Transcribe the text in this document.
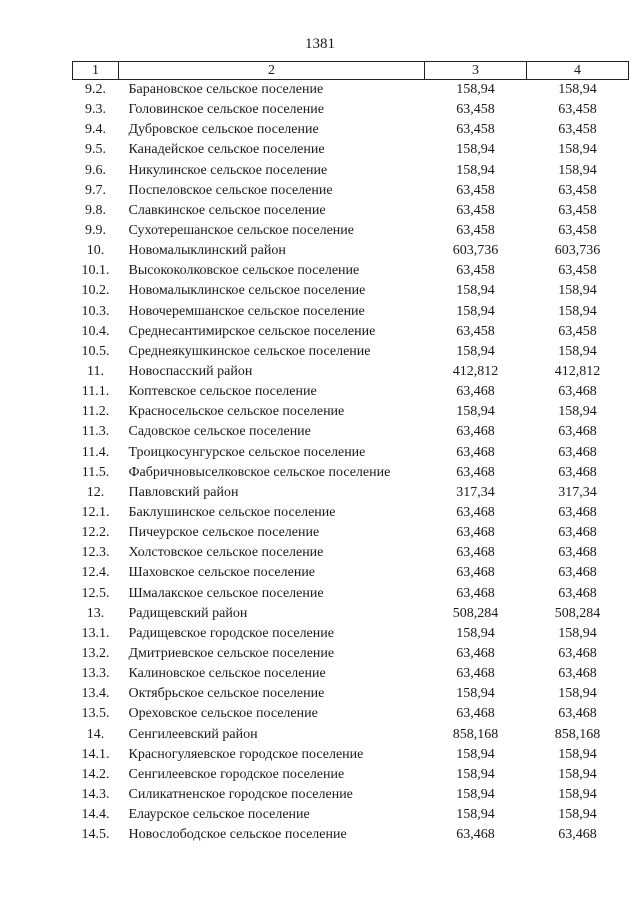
1381
1	2	3	4
9.2.	Барановское сельское поселение	158,94	158,94
9.3.	Головинское сельское поселение	63,458	63,458
9.4.	Дубровское сельское поселение	63,458	63,458
9.5.	Канадейское сельское поселение	158,94	158,94
9.6.	Никулинское сельское поселение	158,94	158,94
9.7.	Поспеловское сельское поселение	63,458	63,458
9.8.	Славкинское сельское поселение	63,458	63,458
9.9.	Сухотерешанское сельское поселение	63,458	63,458
10.	Новомалыклинский район	603,736	603,736
10.1.	Высококолковское сельское поселение	63,458	63,458
10.2.	Новомалыклинское сельское поселение	158,94	158,94
10.3.	Новочеремшанское сельское поселение	158,94	158,94
10.4.	Среднесантимирское сельское поселение	63,458	63,458
10.5.	Среднеякушкинское сельское поселение	158,94	158,94
11.	Новоспасский район	412,812	412,812
11.1.	Коптевское сельское поселение	63,468	63,468
11.2.	Красносельское сельское поселение	158,94	158,94
11.3.	Садовское сельское поселение	63,468	63,468
11.4.	Троицкосунгурское сельское поселение	63,468	63,468
11.5.	Фабричновыселковское сельское поселение	63,468	63,468
12.	Павловский район	317,34	317,34
12.1.	Баклушинское сельское поселение	63,468	63,468
12.2.	Пичеурское сельское поселение	63,468	63,468
12.3.	Холстовское сельское поселение	63,468	63,468
12.4.	Шаховское сельское поселение	63,468	63,468
12.5.	Шмалакское сельское поселение	63,468	63,468
13.	Радищевский район	508,284	508,284
13.1.	Радищевское городское поселение	158,94	158,94
13.2.	Дмитриевское сельское поселение	63,468	63,468
13.3.	Калиновское сельское поселение	63,468	63,468
13.4.	Октябрьское сельское поселение	158,94	158,94
13.5.	Ореховское сельское поселение	63,468	63,468
14.	Сенгилеевский район	858,168	858,168
14.1.	Красногуляевское городское поселение	158,94	158,94
14.2.	Сенгилеевское городское поселение	158,94	158,94
14.3.	Силикатненское городское поселение	158,94	158,94
14.4.	Елаурское сельское поселение	158,94	158,94
14.5.	Новослободское сельское поселение	63,468	63,468
